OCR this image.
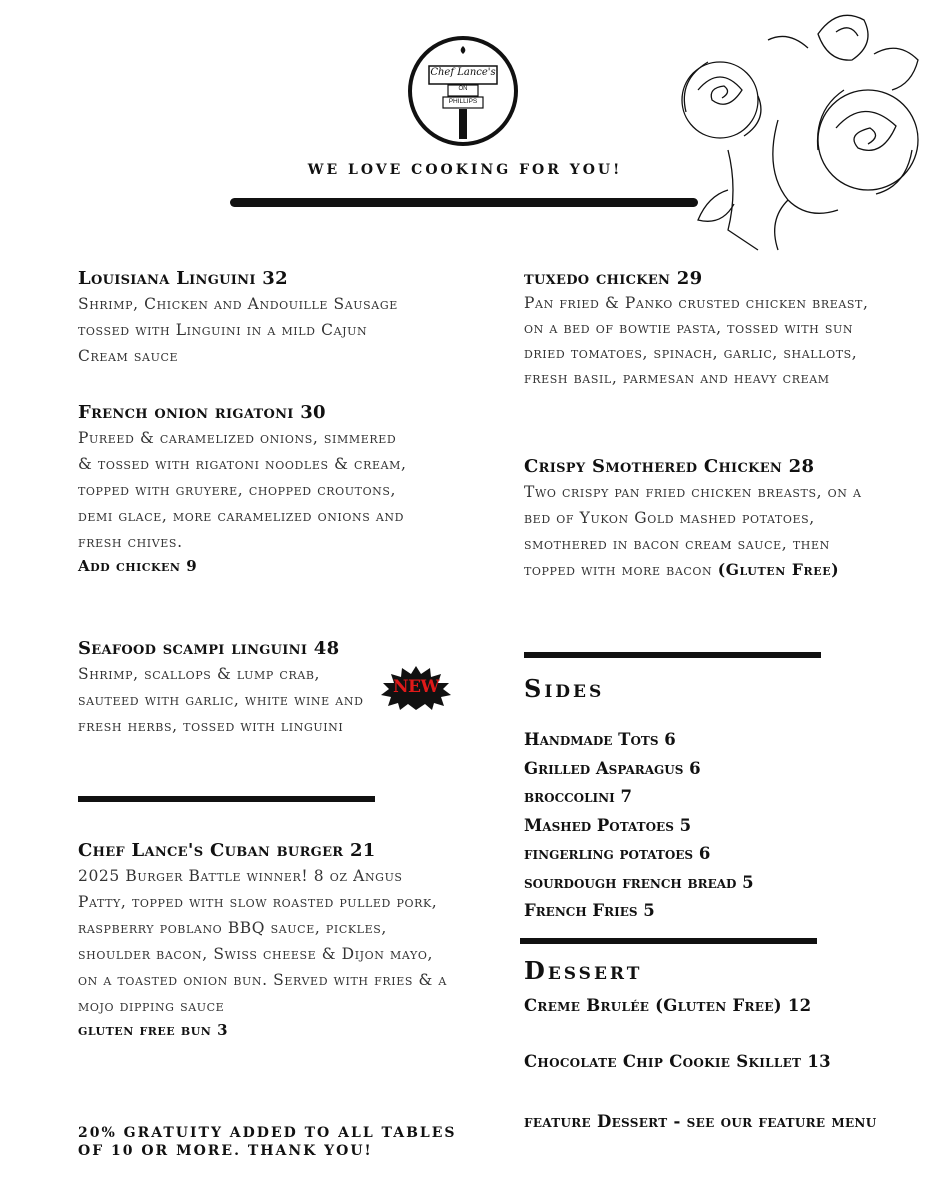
Chef Lance's
ON
PHILLIPS
WE LOVE COOKING FOR YOU!
Louisiana Linguini 32
Shrimp, Chicken and Andouille Sausage tossed with Linguini in a mild Cajun Cream sauce
French onion rigatoni 30
Pureed & caramelized onions, simmered & tossed with rigatoni noodles & cream, topped with gruyere, chopped croutons, demi glace, more caramelized onions and fresh chives.
Add chicken 9
Seafood scampi linguini 48
Shrimp, scallops & lump crab, sauteed with garlic, white wine and fresh herbs, tossed with linguini
NEW
Chef Lance's Cuban burger 21
2025 Burger Battle winner! 8 oz Angus Patty, topped with slow roasted pulled pork, raspberry poblano BBQ sauce, pickles, shoulder bacon, Swiss cheese & Dijon mayo, on a toasted onion bun. Served with fries & a mojo dipping sauce
gluten free bun 3
20% GRATUITY ADDED TO ALL TABLES OF 10 OR MORE. THANK YOU!
tuxedo chicken 29
Pan fried & Panko crusted chicken breast, on a bed of bowtie pasta, tossed with sun dried tomatoes, spinach, garlic, shallots, fresh basil, parmesan and heavy cream
Crispy Smothered Chicken 28
Two crispy pan fried chicken breasts, on a bed of Yukon Gold mashed potatoes, smothered in bacon cream sauce, then topped with more bacon (Gluten Free)
Sides
Handmade Tots 6
Grilled Asparagus 6
broccolini 7
Mashed Potatoes 5
fingerling potatoes 6
sourdough french bread 5
French Fries 5
Dessert
Creme Brulée (Gluten Free) 12
Chocolate Chip Cookie Skillet 13
feature Dessert - see our feature menu
